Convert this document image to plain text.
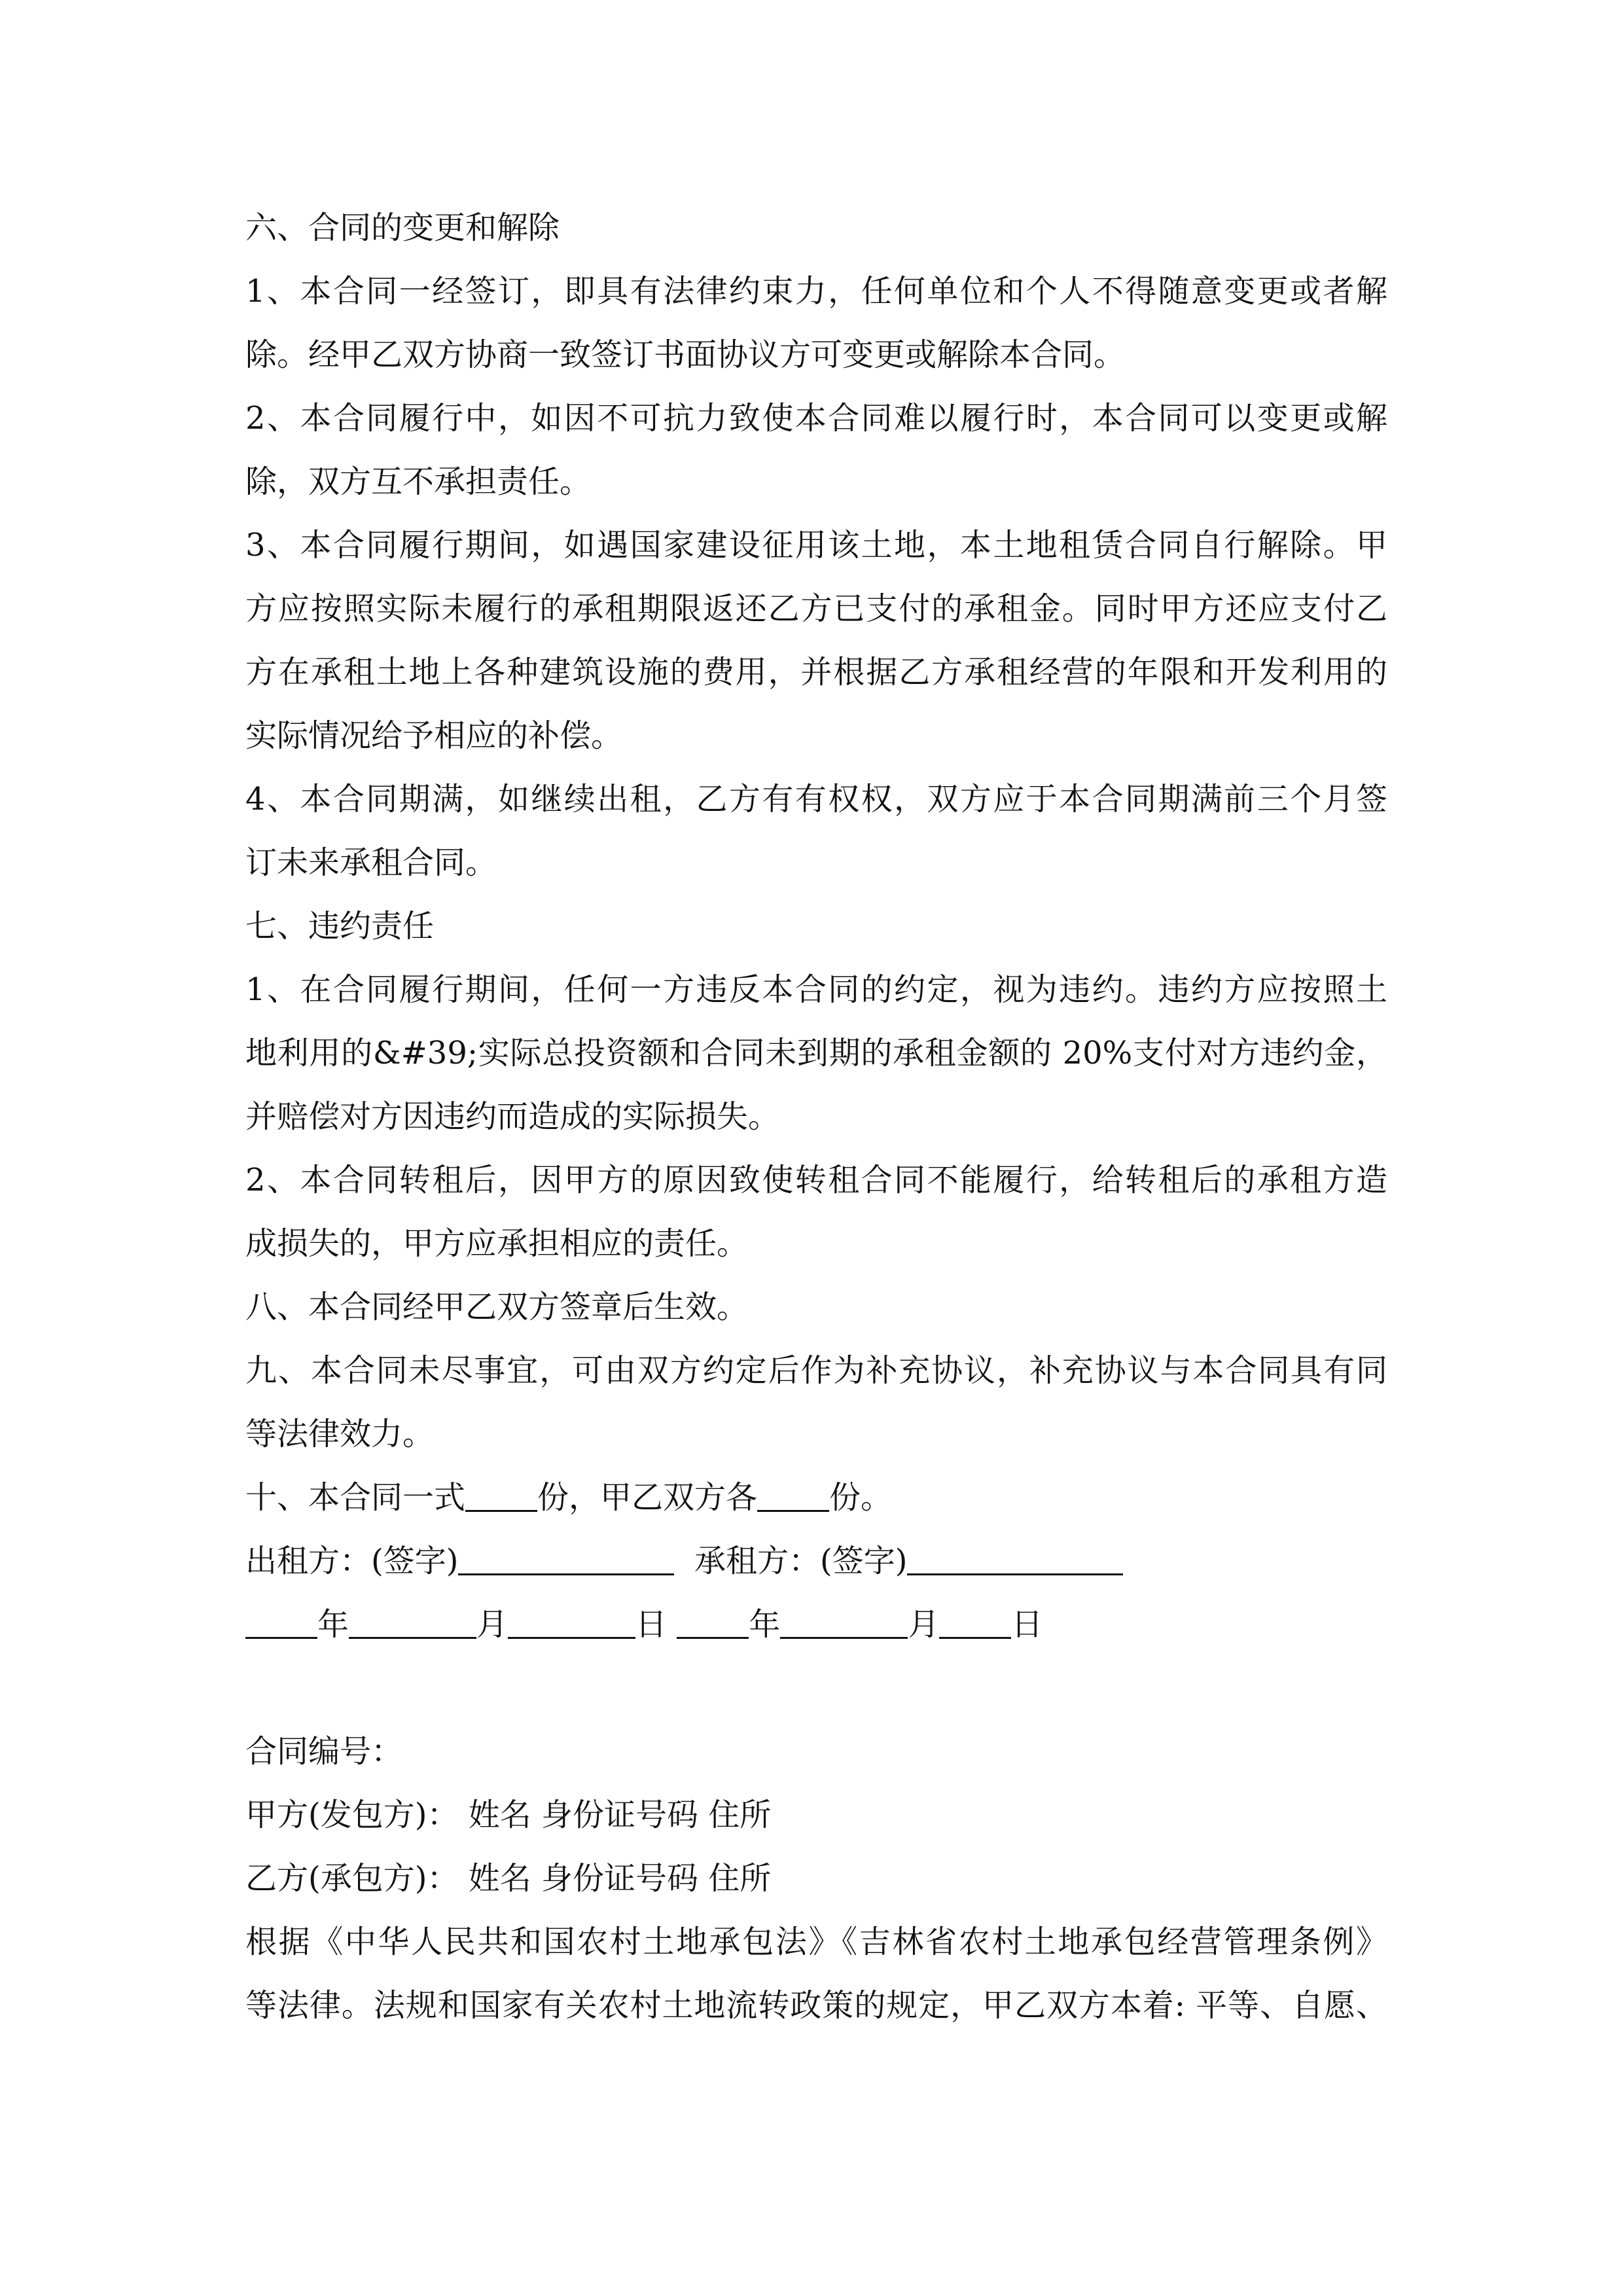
六、合同的变更和解除
1、本合同一经签订，即具有法律约束力，任何单位和个人不得随意变更或者解
除。经甲乙双方协商一致签订书面协议方可变更或解除本合同。
2、本合同履行中，如因不可抗力致使本合同难以履行时，本合同可以变更或解
除，双方互不承担责任。
3、本合同履行期间，如遇国家建设征用该土地，本土地租赁合同自行解除。甲
方应按照实际未履行的承租期限返还乙方已支付的承租金。同时甲方还应支付乙
方在承租土地上各种建筑设施的费用，并根据乙方承租经营的年限和开发利用的
实际情况给予相应的补偿。
4、本合同期满，如继续出租，乙方有有权权，双方应于本合同期满前三个月签
订未来承租合同。
七、违约责任
1、在合同履行期间，任何一方违反本合同的约定，视为违约。违约方应按照土
地利用的&#39;实际总投资额和合同未到期的承租金额的 20%支付对方违约金，
并赔偿对方因违约而造成的实际损失。
2、本合同转租后，因甲方的原因致使转租合同不能履行，给转租后的承租方造
成损失的，甲方应承担相应的责任。
八、本合同经甲乙双方签章后生效。
九、本合同未尽事宜，可由双方约定后作为补充协议，补充协议与本合同具有同
等法律效力。
十、本合同一式 份，甲乙双方各 份。
出租方：(签字)	承租方：(签字)
年	月	日	年	月 日
合同编号：
甲方(发包方)： 姓名 身份证号码 住所
乙方(承包方)： 姓名 身份证号码 住所
根据《中华人民共和国农村土地承包法》《吉林省农村土地承包经营管理条例》
等法律。法规和国家有关农村土地流转政策的规定，甲乙双方本着: 平等、自愿、
